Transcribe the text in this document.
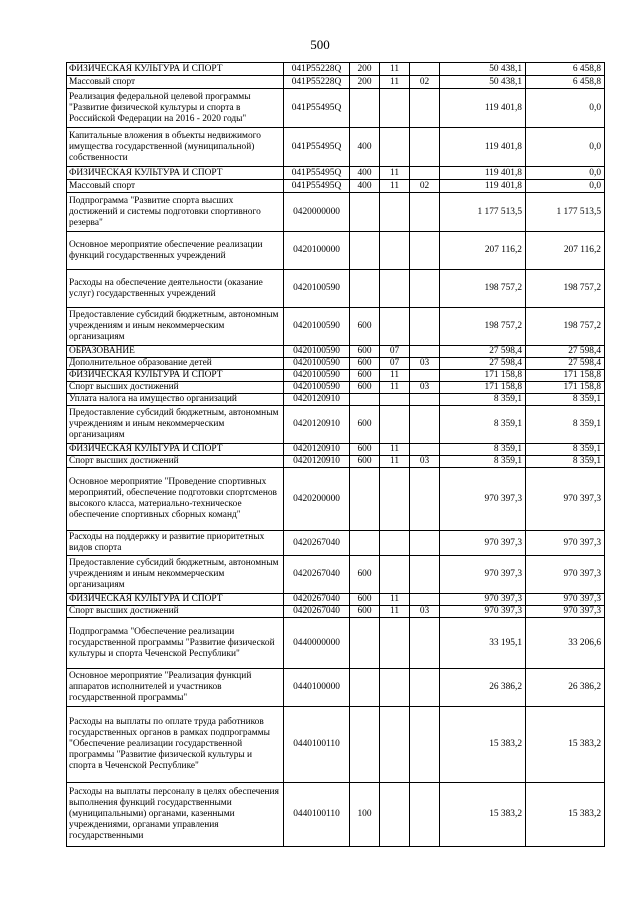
500
ФИЗИЧЕСКАЯ КУЛЬТУРА И СПОРТ	041P55228Q	200	11		50 438,1	6 458,8
Массовый спорт	041P55228Q	200	11	02	50 438,1	6 458,8
Реализация федеральной целевой программы "Развитие физической культуры и спорта в Российской Федерации на 2016 - 2020 годы"	041P55495Q				119 401,8	0,0
Капитальные вложения в объекты недвижимого имущества государственной (муниципальной) собственности	041P55495Q	400			119 401,8	0,0
ФИЗИЧЕСКАЯ КУЛЬТУРА И СПОРТ	041P55495Q	400	11		119 401,8	0,0
Массовый спорт	041P55495Q	400	11	02	119 401,8	0,0
Подпрограмма "Развитие спорта высших достижений и системы подготовки спортивного резерва"	0420000000				1 177 513,5	1 177 513,5
Основное мероприятие обеспечение реализации функций государственных учреждений	0420100000				207 116,2	207 116,2
Расходы на обеспечение деятельности (оказание услуг) государственных учреждений	0420100590				198 757,2	198 757,2
Предоставление субсидий бюджетным, автономным учреждениям и иным некоммерческим организациям	0420100590	600			198 757,2	198 757,2
ОБРАЗОВАНИЕ	0420100590	600	07		27 598,4	27 598,4
Дополнительное образование детей	0420100590	600	07	03	27 598,4	27 598,4
ФИЗИЧЕСКАЯ КУЛЬТУРА И СПОРТ	0420100590	600	11		171 158,8	171 158,8
Спорт высших достижений	0420100590	600	11	03	171 158,8	171 158,8
Уплата налога на имущество организаций	0420120910				8 359,1	8 359,1
Предоставление субсидий бюджетным, автономным учреждениям и иным некоммерческим организациям	0420120910	600			8 359,1	8 359,1
ФИЗИЧЕСКАЯ КУЛЬТУРА И СПОРТ	0420120910	600	11		8 359,1	8 359,1
Спорт высших достижений	0420120910	600	11	03	8 359,1	8 359,1
Основное мероприятие "Проведение спортивных мероприятий, обеспечение подготовки спортсменов высокого класса, материально-техническое обеспечение спортивных сборных команд"	0420200000				970 397,3	970 397,3
Расходы на поддержку и развитие приоритетных видов спорта	0420267040				970 397,3	970 397,3
Предоставление субсидий бюджетным, автономным учреждениям и иным некоммерческим организациям	0420267040	600			970 397,3	970 397,3
ФИЗИЧЕСКАЯ КУЛЬТУРА И СПОРТ	0420267040	600	11		970 397,3	970 397,3
Спорт высших достижений	0420267040	600	11	03	970 397,3	970 397,3
Подпрограмма "Обеспечение реализации государственной программы "Развитие физической культуры и спорта Чеченской Республики"	0440000000				33 195,1	33 206,6
Основное мероприятие "Реализация функций аппаратов исполнителей и участников государственной программы"	0440100000				26 386,2	26 386,2
Расходы на выплаты по оплате труда работников государственных органов в рамках подпрограммы "Обеспечение реализации государственной программы "Развитие физической культуры и спорта в Чеченской Республике"	0440100110				15 383,2	15 383,2
Расходы на выплаты персоналу в целях обеспечения выполнения функций государственными (муниципальными) органами, казенными учреждениями, органами управления государственными	0440100110	100			15 383,2	15 383,2
